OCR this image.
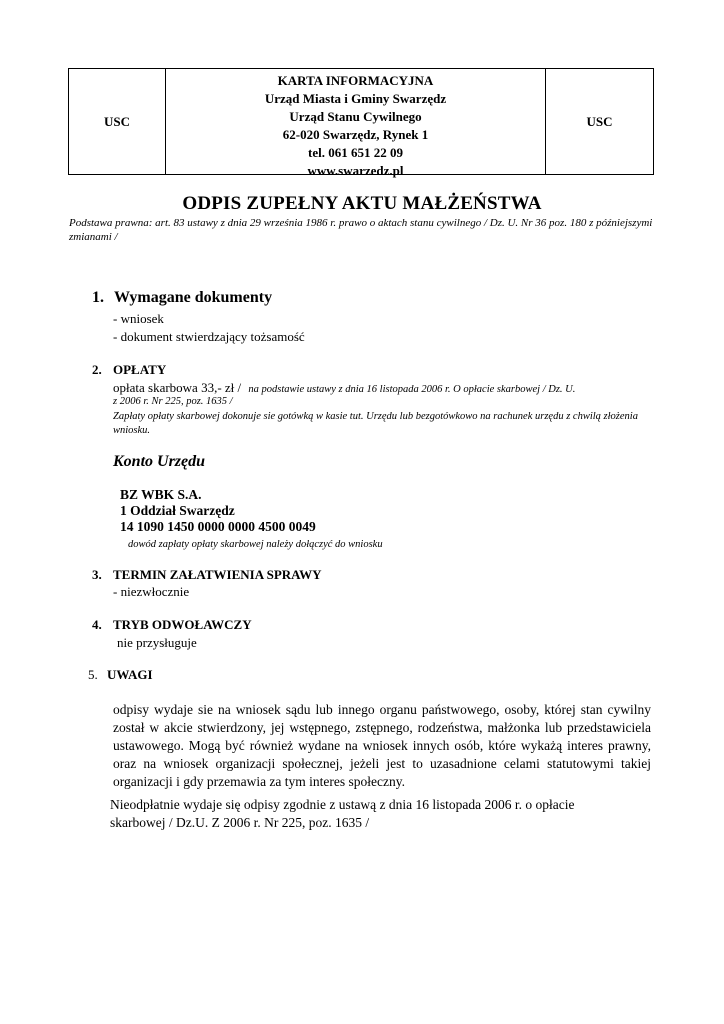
USC
KARTA INFORMACYJNA
Urząd Miasta i Gminy Swarzędz
Urząd Stanu Cywilnego
62-020 Swarzędz, Rynek 1
tel. 061 651 22 09
www.swarzedz.pl
USC
ODPIS ZUPEŁNY AKTU MAŁŻEŃSTWA
Podstawa prawna: art. 83 ustawy z dnia 29 września 1986 r. prawo o aktach stanu cywilnego / Dz. U. Nr 36 poz. 180 z późniejszymi zmianami /
1. Wymagane dokumenty
- wniosek
- dokument stwierdzający tożsamość
2. OPŁATY
opłata skarbowa 33,- zł / na podstawie ustawy z dnia 16 listopada 2006 r. O opłacie skarbowej / Dz. U.
z 2006 r. Nr 225, poz. 1635 /
Zapłaty opłaty skarbowej dokonuje sie gotówką w kasie tut. Urzędu lub bezgotówkowo na rachunek urzędu z chwilą złożenia wniosku.
Konto Urzędu
BZ WBK S.A.
1 Oddział Swarzędz
14 1090 1450 0000 0000 4500 0049
dowód zapłaty opłaty skarbowej należy dołączyć do wniosku
3. TERMIN ZAŁATWIENIA SPRAWY
- niezwłocznie
4. TRYB ODWOŁAWCZY
nie przysługuje
5. UWAGI
odpisy wydaje sie na wniosek sądu lub innego organu państwowego, osoby, której stan cywilny został w akcie stwierdzony, jej wstępnego, zstępnego, rodzeństwa, małżonka lub przedstawiciela ustawowego. Mogą być również wydane na wniosek innych osób, które wykażą interes prawny, oraz na wniosek organizacji społecznej, jeżeli jest to uzasadnione celami statutowymi takiej organizacji i gdy przemawia za tym interes społeczny.
Nieodpłatnie wydaje się odpisy zgodnie z ustawą z dnia 16 listopada 2006 r. o opłacie skarbowej / Dz.U. Z 2006 r. Nr 225, poz. 1635 /
